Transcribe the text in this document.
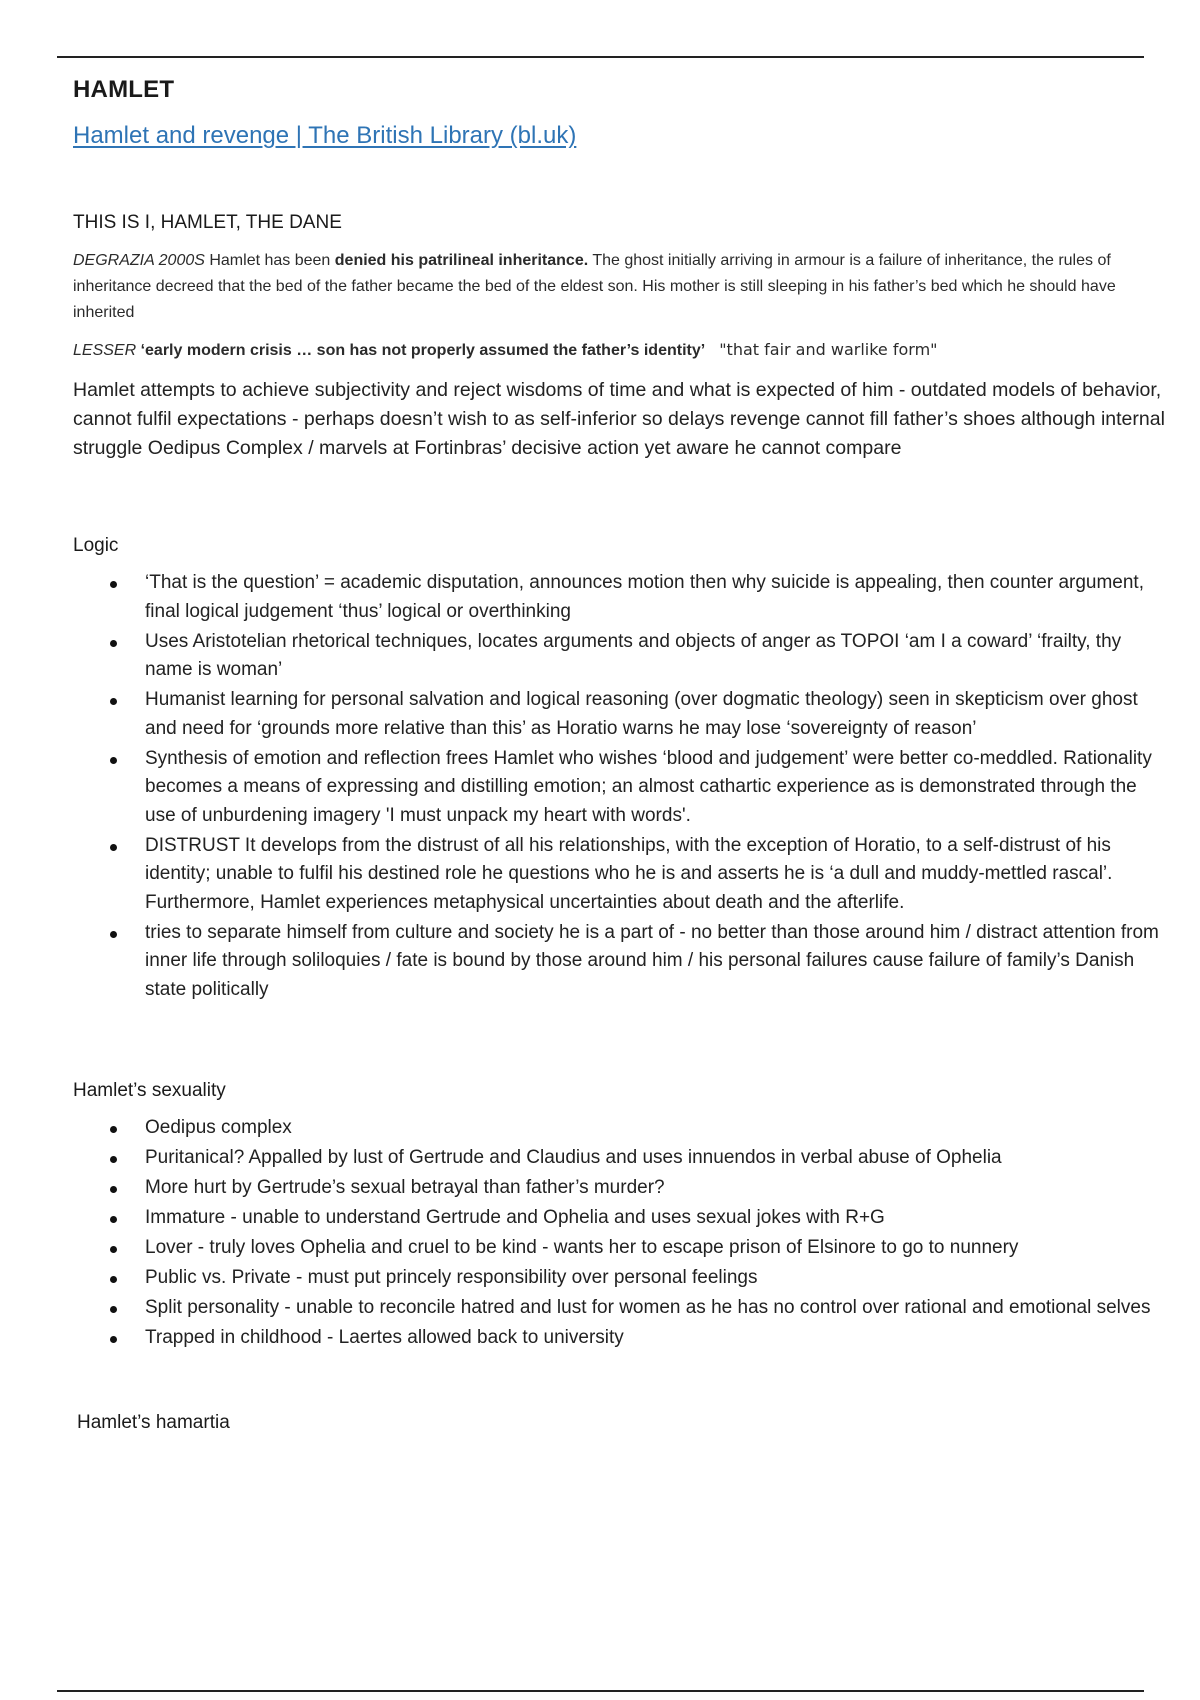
HAMLET
Hamlet and revenge | The British Library (bl.uk)
THIS IS I, HAMLET, THE DANE

DEGRAZIA 2000S Hamlet has been denied his patrilineal inheritance. The ghost initially arriving in armour is a failure of inheritance, the rules of inheritance decreed that the bed of the father became the bed of the eldest son. His mother is still sleeping in his father’s bed which he should have inherited

LESSER ‘early modern crisis … son has not properly assumed the father’s identity’ "that fair and warlike form"

Hamlet attempts to achieve subjectivity and reject wisdoms of time and what is expected of him - outdated models of behavior, cannot fulfil expectations - perhaps doesn’t wish to as self-inferior so delays revenge cannot fill father’s shoes although internal struggle Oedipus Complex / marvels at Fortinbras’ decisive action yet aware he cannot compare

Logic
‘That is the question’ = academic disputation, announces motion then why suicide is appealing, then counter argument, final logical judgement ‘thus’ logical or overthinking
Uses Aristotelian rhetorical techniques, locates arguments and objects of anger as TOPOI ‘am I a coward’ ‘frailty, thy name is woman’
Humanist learning for personal salvation and logical reasoning (over dogmatic theology) seen in skepticism over ghost and need for ‘grounds more relative than this’ as Horatio warns he may lose ‘sovereignty of reason’
Synthesis of emotion and reflection frees Hamlet who wishes ‘blood and judgement’ were better co-meddled. Rationality becomes a means of expressing and distilling emotion; an almost cathartic experience as is demonstrated through the use of unburdening imagery 'I must unpack my heart with words'.
DISTRUST It develops from the distrust of all his relationships, with the exception of Horatio, to a self-distrust of his identity; unable to fulfil his destined role he questions who he is and asserts he is ‘a dull and muddy-mettled rascal’. Furthermore, Hamlet experiences metaphysical uncertainties about death and the afterlife.
tries to separate himself from culture and society he is a part of - no better than those around him / distract attention from inner life through soliloquies / fate is bound by those around him / his personal failures cause failure of family’s Danish state politically
Hamlet’s sexuality
Oedipus complex
Puritanical? Appalled by lust of Gertrude and Claudius and uses innuendos in verbal abuse of Ophelia
More hurt by Gertrude’s sexual betrayal than father’s murder?
Immature - unable to understand Gertrude and Ophelia and uses sexual jokes with R+G
Lover - truly loves Ophelia and cruel to be kind - wants her to escape prison of Elsinore to go to nunnery
Public vs. Private - must put princely responsibility over personal feelings
Split personality - unable to reconcile hatred and lust for women as he has no control over rational and emotional selves
Trapped in childhood - Laertes allowed back to university
Hamlet’s hamartia
